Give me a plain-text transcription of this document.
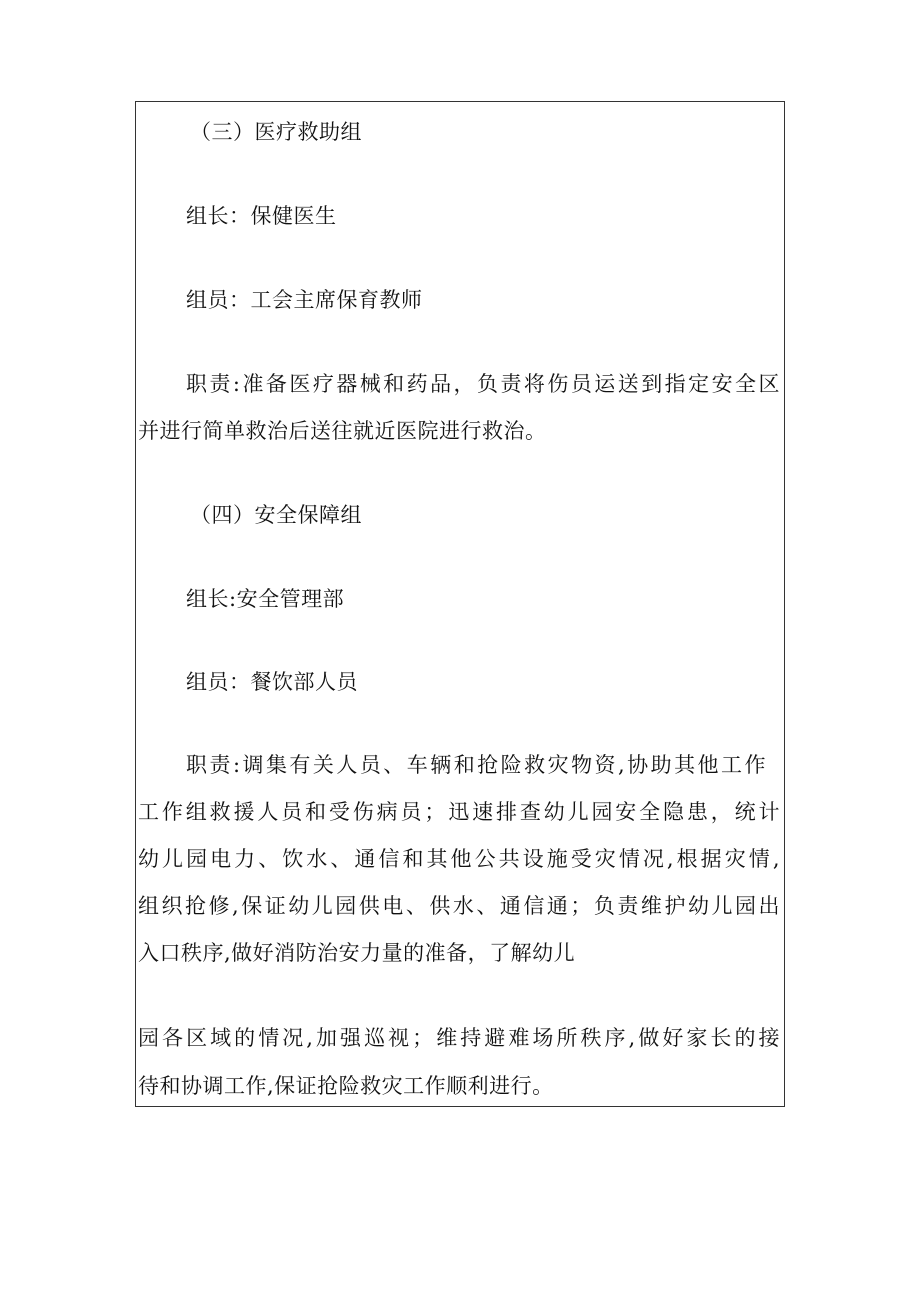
（三）医疗救助组
组长：保健医生
组员：工会主席保育教师
职责:准备医疗器械和药品，负责将伤员运送到指定安全区
并进行简单救治后送往就近医院进行救治。
（四）安全保障组
组长:安全管理部
组员：餐饮部人员
职责:调集有关人员、车辆和抢险救灾物资,协助其他工作
工作组救援人员和受伤病员；迅速排查幼儿园安全隐患，统计
幼儿园电力、饮水、通信和其他公共设施受灾情况,根据灾情,
组织抢修,保证幼儿园供电、供水、通信通；负责维护幼儿园出
入口秩序,做好消防治安力量的准备，了解幼儿
园各区域的情况,加强巡视；维持避难场所秩序,做好家长的接
待和协调工作,保证抢险救灾工作顺利进行。
